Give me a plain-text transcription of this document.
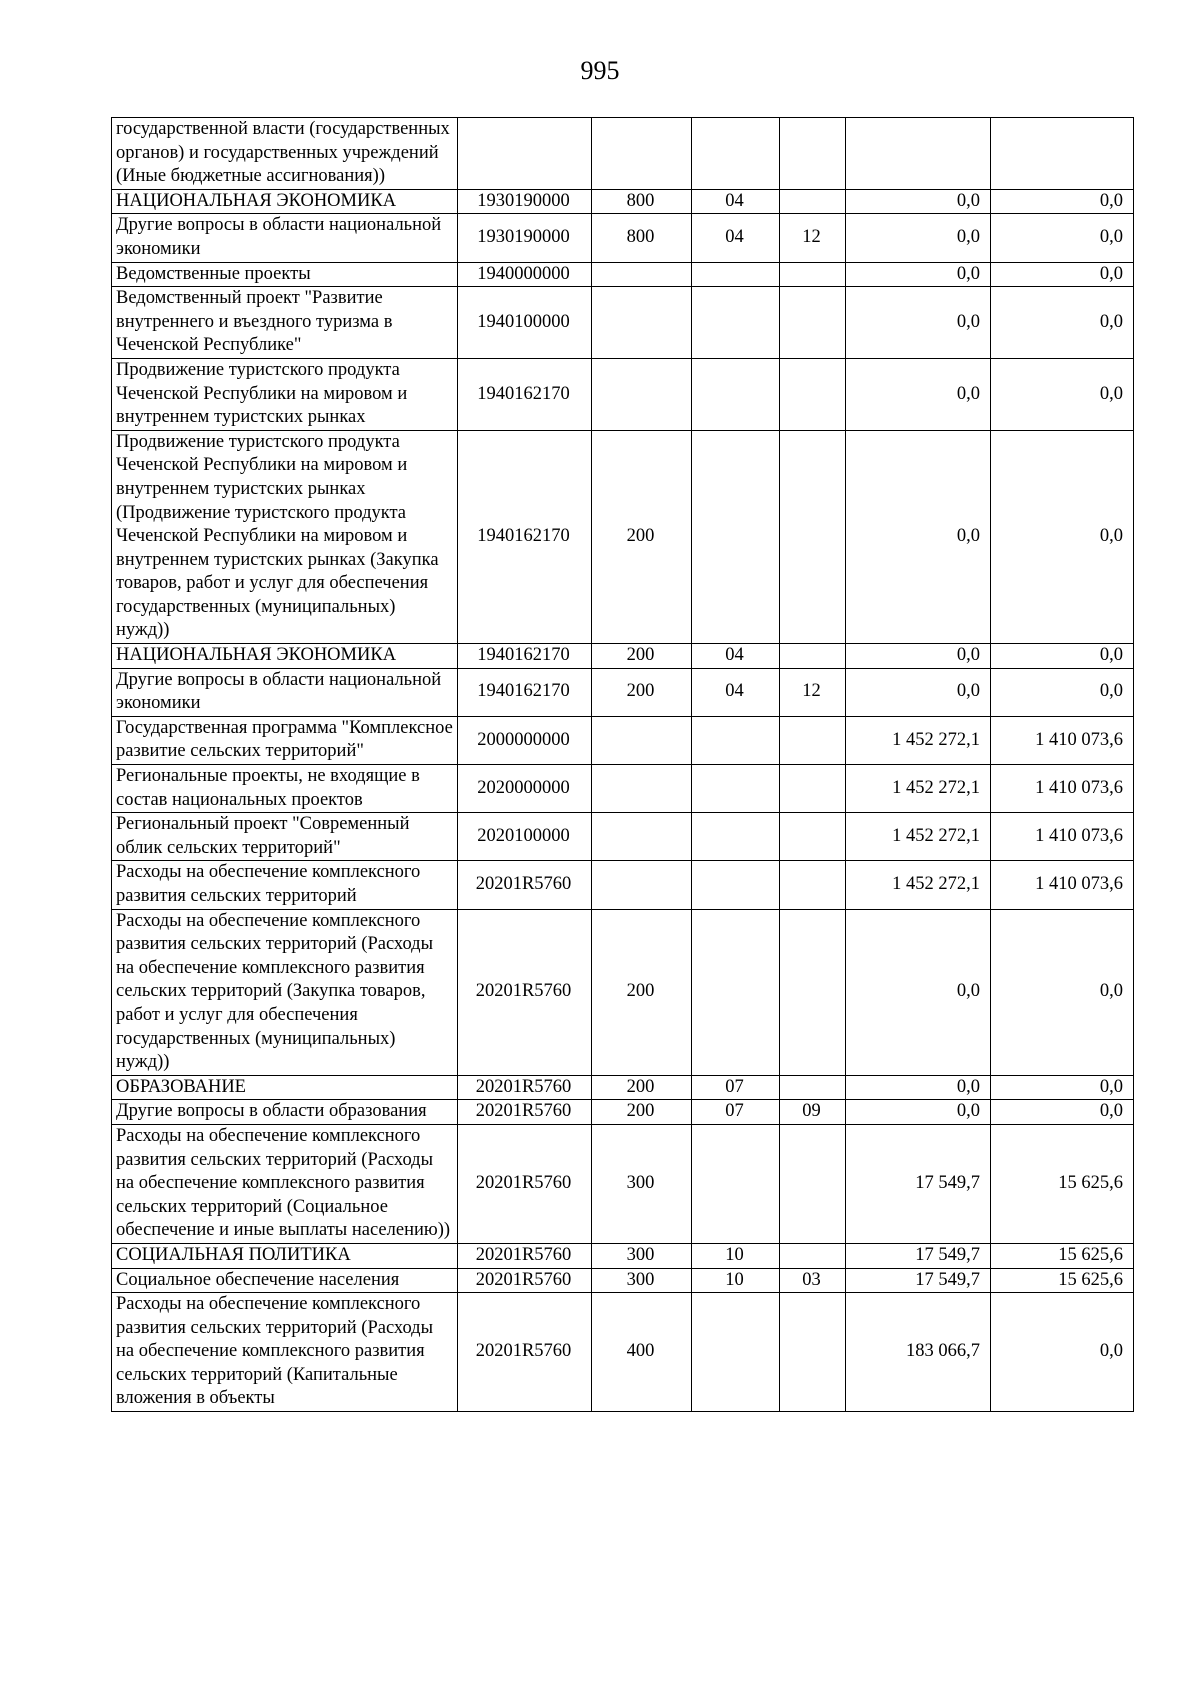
995
государственной власти (государственных органов) и государственных учреждений (Иные бюджетные ассигнования))						
НАЦИОНАЛЬНАЯ ЭКОНОМИКА	1930190000	800	04		0,0	0,0
Другие вопросы в области национальной экономики	1930190000	800	04	12	0,0	0,0
Ведомственные проекты	1940000000				0,0	0,0
Ведомственный проект "Развитие внутреннего и въездного туризма в Чеченской Республике"	1940100000				0,0	0,0
Продвижение туристского продукта Чеченской Республики на мировом и внутреннем туристских рынках	1940162170				0,0	0,0
Продвижение туристского продукта Чеченской Республики на мировом и внутреннем туристских рынках (Продвижение туристского продукта Чеченской Республики на мировом и внутреннем туристских рынках (Закупка товаров, работ и услуг для обеспечения государственных (муниципальных) нужд))	1940162170	200			0,0	0,0
НАЦИОНАЛЬНАЯ ЭКОНОМИКА	1940162170	200	04		0,0	0,0
Другие вопросы в области национальной экономики	1940162170	200	04	12	0,0	0,0
Государственная программа "Комплексное развитие сельских территорий"	2000000000				1 452 272,1	1 410 073,6
Региональные проекты, не входящие в состав национальных проектов	2020000000				1 452 272,1	1 410 073,6
Региональный проект "Современный облик сельских территорий"	2020100000				1 452 272,1	1 410 073,6
Расходы на обеспечение комплексного развития сельских территорий	20201R5760				1 452 272,1	1 410 073,6
Расходы на обеспечение комплексного развития сельских территорий (Расходы на обеспечение комплексного развития сельских территорий (Закупка товаров, работ и услуг для обеспечения государственных (муниципальных) нужд))	20201R5760	200			0,0	0,0
ОБРАЗОВАНИЕ	20201R5760	200	07		0,0	0,0
Другие вопросы в области образования	20201R5760	200	07	09	0,0	0,0
Расходы на обеспечение комплексного развития сельских территорий (Расходы на обеспечение комплексного развития сельских территорий (Социальное обеспечение и иные выплаты населению))	20201R5760	300			17 549,7	15 625,6
СОЦИАЛЬНАЯ ПОЛИТИКА	20201R5760	300	10		17 549,7	15 625,6
Социальное обеспечение населения	20201R5760	300	10	03	17 549,7	15 625,6
Расходы на обеспечение комплексного развития сельских территорий (Расходы на обеспечение комплексного развития сельских территорий (Капитальные вложения в объекты	20201R5760	400			183 066,7	0,0
